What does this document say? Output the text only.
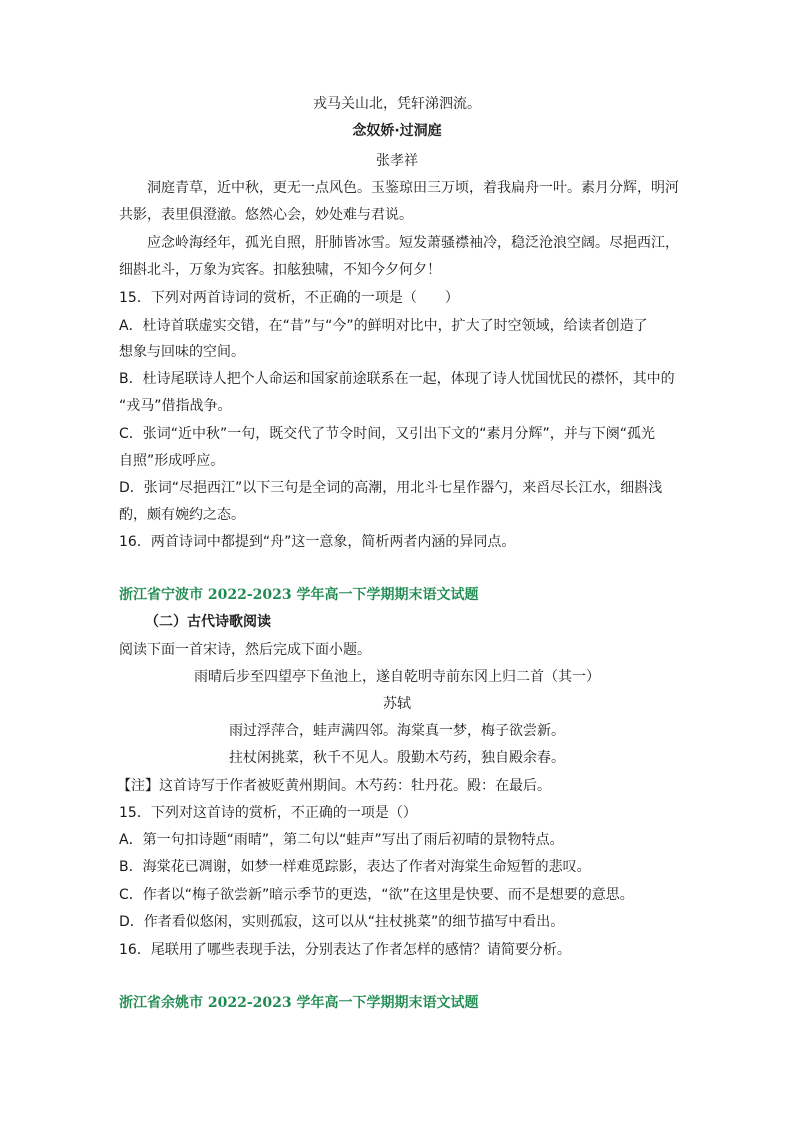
戎马关山北，凭轩涕泗流。
念奴娇·过洞庭
张孝祥
洞庭青草，近中秋，更无一点风色。玉鉴琼田三万顷，着我扁舟一叶。素月分辉，明河
共影，表里俱澄澈。悠然心会，妙处难与君说。
应念岭海经年，孤光自照，肝肺皆冰雪。短发萧骚襟袖冷，稳泛沧浪空阔。尽挹西江，
细斟北斗，万象为宾客。扣舷独啸，不知今夕何夕！
15．下列对两首诗词的赏析，不正确的一项是（　　）
A．杜诗首联虚实交错，在“昔”与“今”的鲜明对比中，扩大了时空领域，给读者创造了
想象与回味的空间。
B．杜诗尾联诗人把个人命运和国家前途联系在一起，体现了诗人忧国忧民的襟怀，其中的
“戎马”借指战争。
C．张词“近中秋”一句，既交代了节令时间，又引出下文的“素月分辉”，并与下阕“孤光
自照”形成呼应。
D．张词“尽挹西江”以下三句是全词的高潮，用北斗七星作器勺，来舀尽长江水，细斟浅
酌，颇有婉约之态。
16．两首诗词中都提到“舟”这一意象，简析两者内涵的异同点。
浙江省宁波市 2022-2023 学年高一下学期期末语文试题
（二）古代诗歌阅读
阅读下面一首宋诗，然后完成下面小题。
雨晴后步至四望亭下鱼池上，遂自乾明寺前东冈上归二首（其一）
苏轼
雨过浮萍合，蛙声满四邻。海棠真一梦，梅子欲尝新。
拄杖闲挑菜，秋千不见人。殷勤木芍药，独自殿余春。
【注】这首诗写于作者被贬黄州期间。木芍药：牡丹花。殿：在最后。
15．下列对这首诗的赏析，不正确的一项是（）
A．第一句扣诗题“雨晴”，第二句以“蛙声”写出了雨后初晴的景物特点。
B．海棠花已凋谢，如梦一样难觅踪影，表达了作者对海棠生命短暂的悲叹。
C．作者以“梅子欲尝新”暗示季节的更迭，“欲”在这里是快要、而不是想要的意思。
D．作者看似悠闲，实则孤寂，这可以从“拄杖挑菜”的细节描写中看出。
16．尾联用了哪些表现手法，分别表达了作者怎样的感情？请简要分析。
浙江省余姚市 2022-2023 学年高一下学期期末语文试题
